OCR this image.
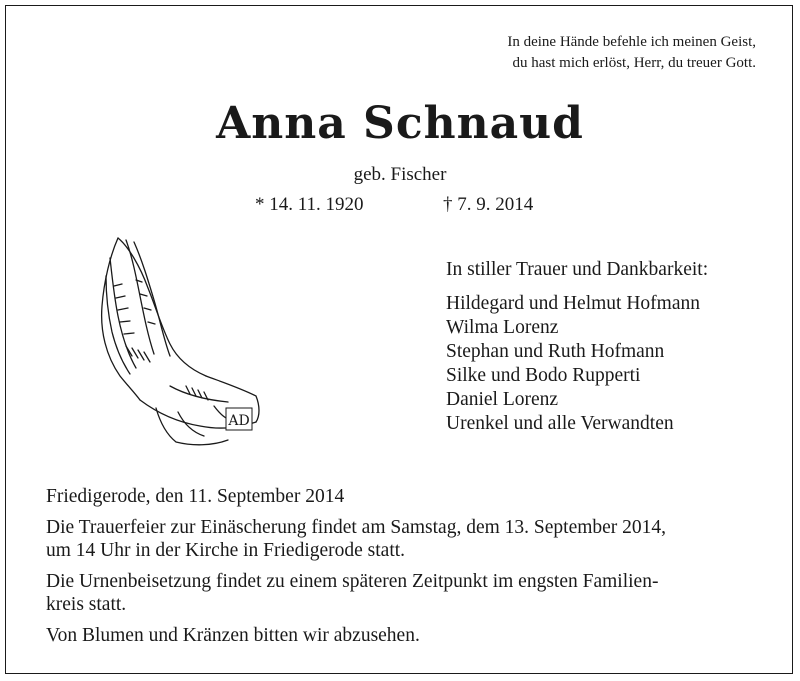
In deine Hände befehle ich meinen Geist,
du hast mich erlöst, Herr, du treuer Gott.
Anna Schnaud
geb. Fischer
* 14. 11. 1920	† 7. 9. 2014
AD
In stiller Trauer und Dankbarkeit:
Hildegard und Helmut Hofmann
Wilma Lorenz
Stephan und Ruth Hofmann
Silke und Bodo Rupperti
Daniel Lorenz
Urenkel und alle Verwandten

Friedigerode, den 11. September 2014

Die Trauerfeier zur Einäscherung findet am Samstag, dem 13. September 2014,
um 14 Uhr in der Kirche in Friedigerode statt.

Die Urnenbeisetzung findet zu einem späteren Zeitpunkt im engsten Familien-
kreis statt.

Von Blumen und Kränzen bitten wir abzusehen.
